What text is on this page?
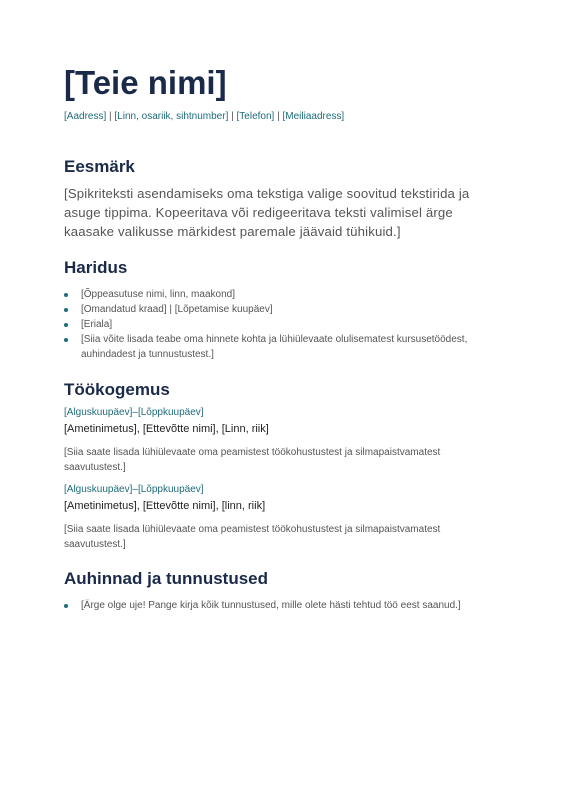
[Teie nimi]
[Aadress] | [Linn, osariik, sihtnumber] | [Telefon] | [Meiliaadress]
Eesmärk

[Spikriteksti asendamiseks oma tekstiga valige soovitud tekstirida ja asuge tippima. Kopeeritava või redigeeritava teksti valimisel ärge kaasake valikusse märkidest paremale jäävaid tühikuid.]

Haridus
[Õppeasutuse nimi, linn, maakond]
[Omandatud kraad] | [Lõpetamise kuupäev]
[Eriala]
[Siia võite lisada teabe oma hinnete kohta ja lühiülevaate olulisematest kursusetöödest, auhindadest ja tunnustustest.]
Töökogemus
[Alguskuupäev]–[Lõppkuupäev]
[Ametinimetus], [Ettevõtte nimi], [Linn, riik]
[Siia saate lisada lühiülevaate oma peamistest töökohustustest ja silmapaistvamatest saavutustest.]
[Alguskuupäev]–[Lõppkuupäev]
[Ametinimetus], [Ettevõtte nimi], [linn, riik]
[Siia saate lisada lühiülevaate oma peamistest töökohustustest ja silmapaistvamatest saavutustest.]
Auhinnad ja tunnustused
[Ärge olge uje! Pange kirja kõik tunnustused, mille olete hästi tehtud töö eest saanud.]
